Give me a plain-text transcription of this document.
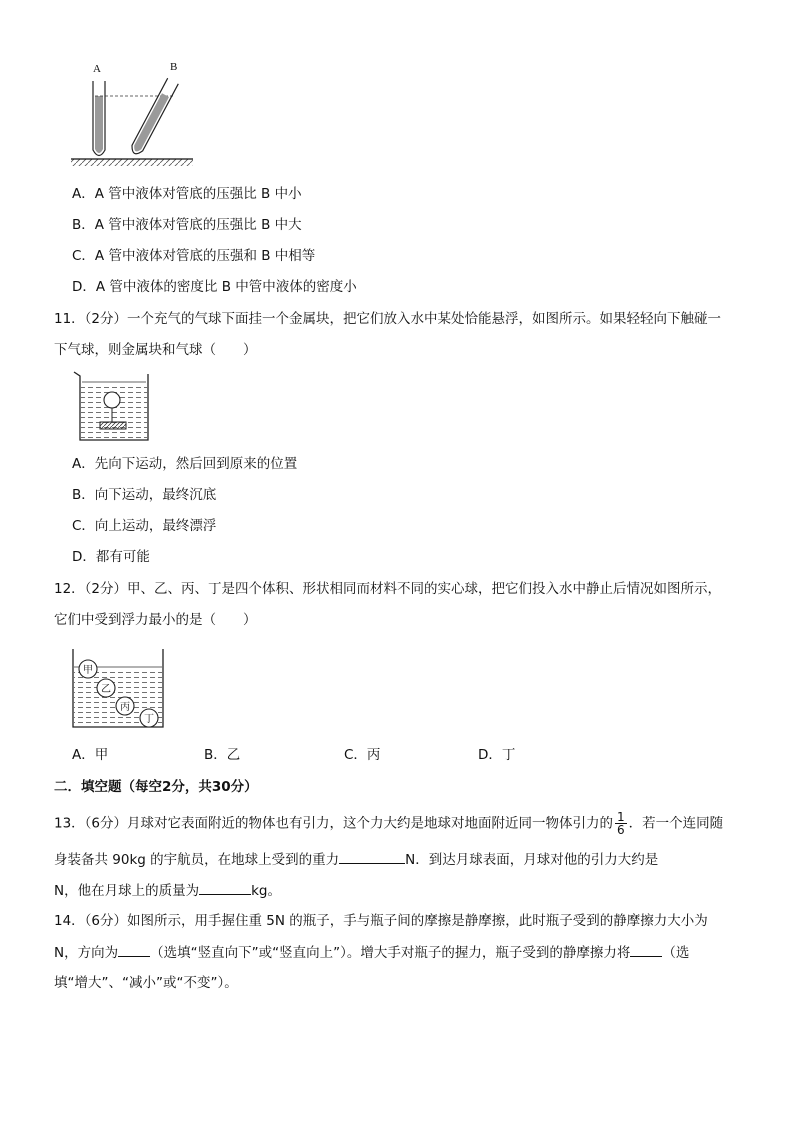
A	B
A．A 管中液体对管底的压强比 B 中小
B．A 管中液体对管底的压强比 B 中大
C．A 管中液体对管底的压强和 B 中相等
D．A 管中液体的密度比 B 中管中液体的密度小
11．（2分）一个充气的气球下面挂一个金属块，把它们放入水中某处恰能悬浮，如图所示。如果轻轻向下触碰一
下气球，则金属块和气球（　　）
A．先向下运动，然后回到原来的位置
B．向下运动，最终沉底
C．向上运动，最终漂浮
D．都有可能
12．（2分）甲、乙、丙、丁是四个体积、形状相同而材料不同的实心球，把它们投入水中静止后情况如图所示，
它们中受到浮力最小的是（　　）
甲
乙
丙
丁
A．甲	B．乙	C．丙	D．丁
二．填空题（每空2分，共30分）
13．（6分）月球对它表面附近的物体也有引力，这个力大约是地球对地面附近同一物体引力的 $\frac{1}{6}$ ．若一个连同随
身装备共 90kg 的宇航员，在地球上受到的重力	N．到达月球表面，月球对他的引力大约是
N，他在月球上的质量为	kg。
14．（6分）如图所示，用手握住重 5N 的瓶子，手与瓶子间的摩擦是静摩擦，此时瓶子受到的静摩擦力大小为
N，方向为 （选填“竖直向下”或“竖直向上”）。增大手对瓶子的握力，瓶子受到的静摩擦力将 （选
填“增大”、“减小”或“不变”）。
